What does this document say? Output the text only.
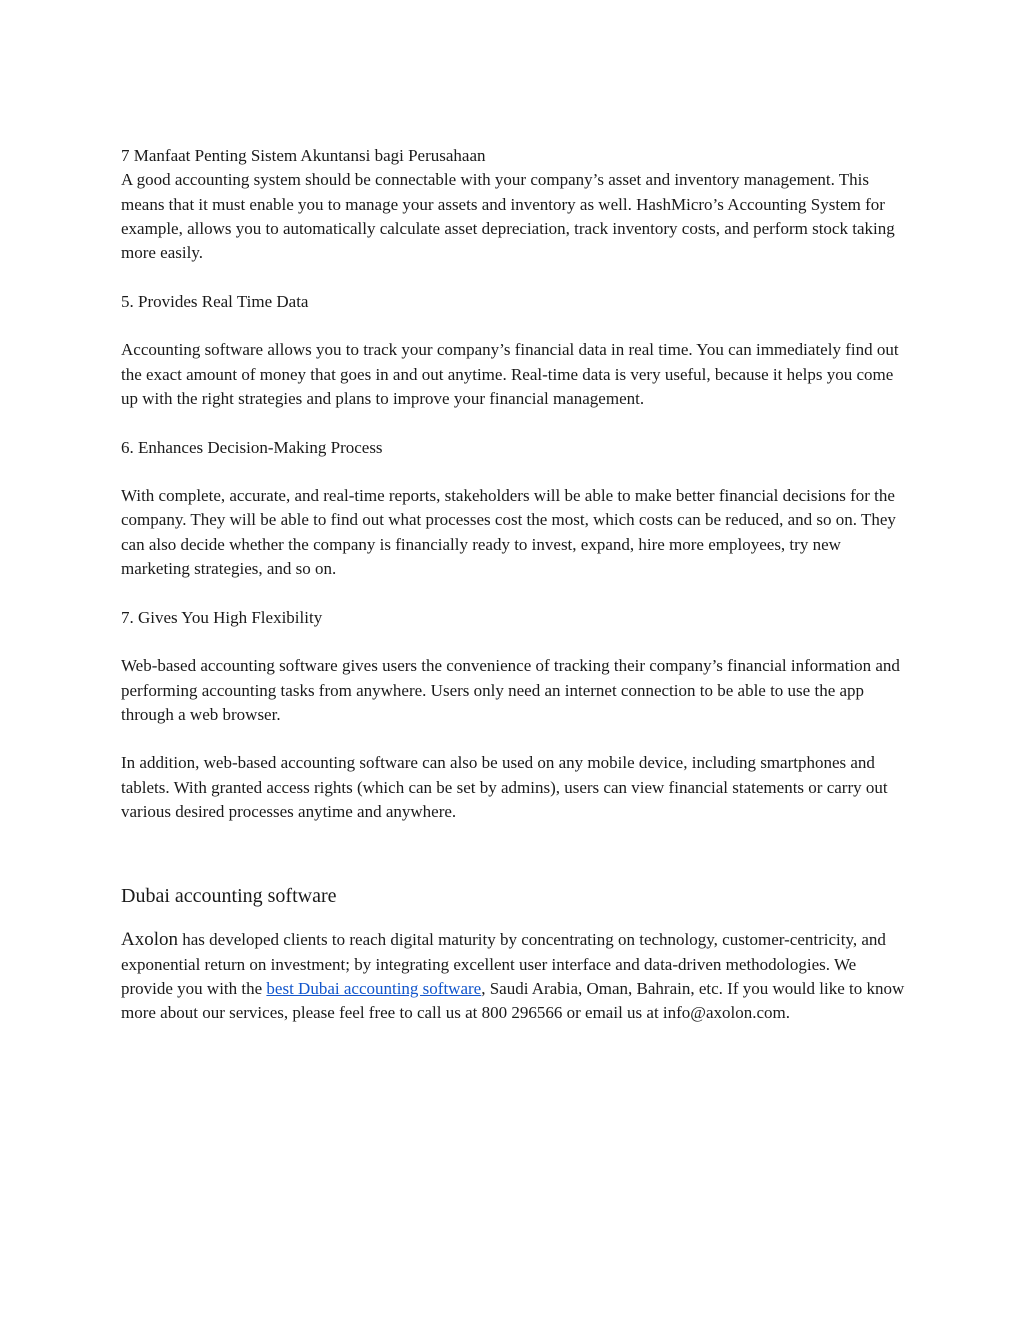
7 Manfaat Penting Sistem Akuntansi bagi Perusahaan

A good accounting system should be connectable with your company’s asset and inventory management. This means that it must enable you to manage your assets and inventory as well. HashMicro’s Accounting System for example, allows you to automatically calculate asset depreciation, track inventory costs, and perform stock taking more easily.

5. Provides Real Time Data

Accounting software allows you to track your company’s financial data in real time. You can immediately find out the exact amount of money that goes in and out anytime. Real-time data is very useful, because it helps you come up with the right strategies and plans to improve your financial management.

6. Enhances Decision-Making Process

With complete, accurate, and real-time reports, stakeholders will be able to make better financial decisions for the company. They will be able to find out what processes cost the most, which costs can be reduced, and so on. They can also decide whether the company is financially ready to invest, expand, hire more employees, try new marketing strategies, and so on.

7. Gives You High Flexibility

Web-based accounting software gives users the convenience of tracking their company’s financial information and performing accounting tasks from anywhere. Users only need an internet connection to be able to use the app through a web browser.

In addition, web-based accounting software can also be used on any mobile device, including smartphones and tablets. With granted access rights (which can be set by admins), users can view financial statements or carry out various desired processes anytime and anywhere.

Dubai accounting software

Axolon has developed clients to reach digital maturity by concentrating on technology, customer-centricity, and exponential return on investment; by integrating excellent user interface and data-driven methodologies. We provide you with the best Dubai accounting software, Saudi Arabia, Oman, Bahrain, etc. If you would like to know more about our services, please feel free to call us at 800 296566 or email us at info@axolon.com.
